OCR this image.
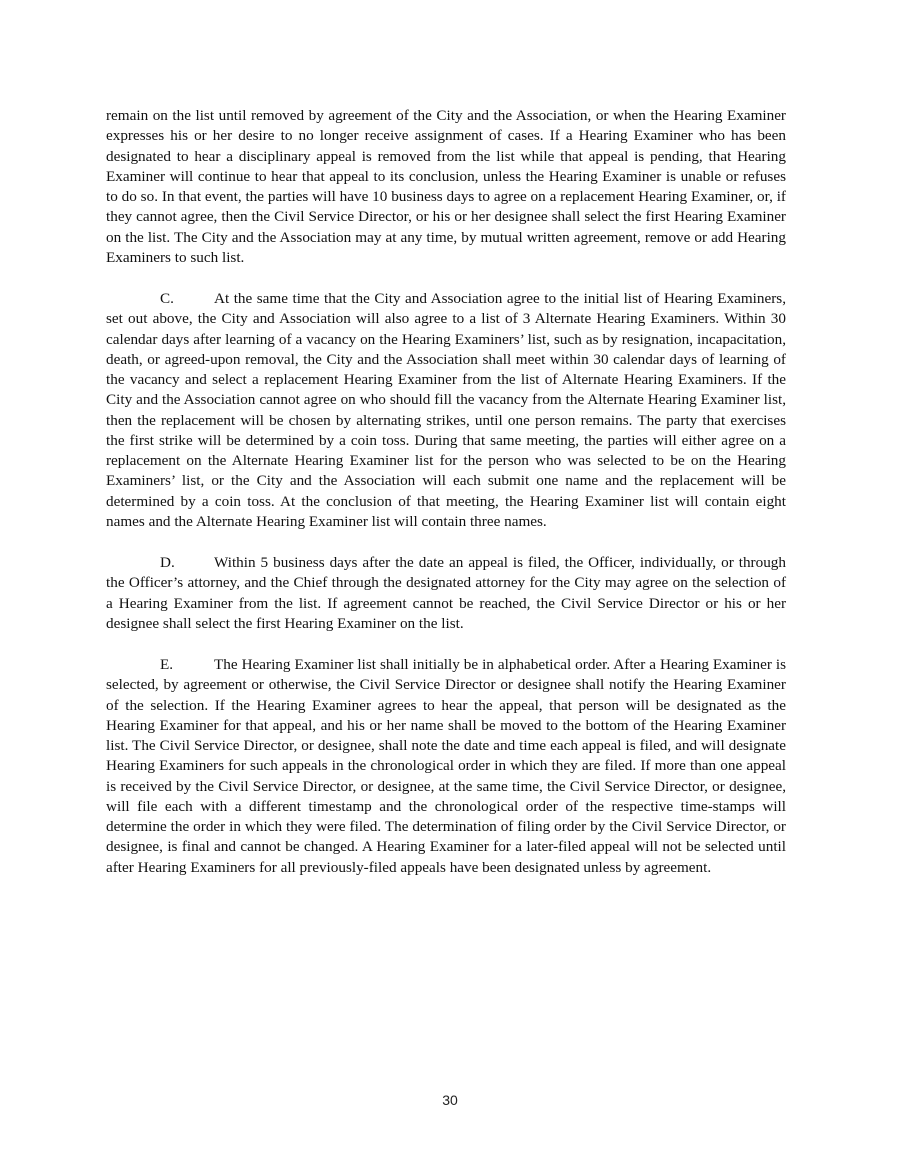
remain on the list until removed by agreement of the City and the Association, or when the Hearing Examiner expresses his or her desire to no longer receive assignment of cases. If a Hearing Examiner who has been designated to hear a disciplinary appeal is removed from the list while that appeal is pending, that Hearing Examiner will continue to hear that appeal to its conclusion, unless the Hearing Examiner is unable or refuses to do so. In that event, the parties will have 10 business days to agree on a replacement Hearing Examiner, or, if they cannot agree, then the Civil Service Director, or his or her designee shall select the first Hearing Examiner on the list. The City and the Association may at any time, by mutual written agreement, remove or add Hearing Examiners to such list.

C.	At the same time that the City and Association agree to the initial list of Hearing Examiners, set out above, the City and Association will also agree to a list of 3 Alternate Hearing Examiners. Within 30 calendar days after learning of a vacancy on the Hearing Examiners’ list, such as by resignation, incapacitation, death, or agreed-upon removal, the City and the Association shall meet within 30 calendar days of learning of the vacancy and select a replacement Hearing Examiner from the list of Alternate Hearing Examiners. If the City and the Association cannot agree on who should fill the vacancy from the Alternate Hearing Examiner list, then the replacement will be chosen by alternating strikes, until one person remains. The party that exercises the first strike will be determined by a coin toss. During that same meeting, the parties will either agree on a replacement on the Alternate Hearing Examiner list for the person who was selected to be on the Hearing Examiners’ list, or the City and the Association will each submit one name and the replacement will be determined by a coin toss. At the conclusion of that meeting, the Hearing Examiner list will contain eight names and the Alternate Hearing Examiner list will contain three names.

D.	Within 5 business days after the date an appeal is filed, the Officer, individually, or through the Officer’s attorney, and the Chief through the designated attorney for the City may agree on the selection of a Hearing Examiner from the list. If agreement cannot be reached, the Civil Service Director or his or her designee shall select the first Hearing Examiner on the list.

E.	The Hearing Examiner list shall initially be in alphabetical order. After a Hearing Examiner is selected, by agreement or otherwise, the Civil Service Director or designee shall notify the Hearing Examiner of the selection. If the Hearing Examiner agrees to hear the appeal, that person will be designated as the Hearing Examiner for that appeal, and his or her name shall be moved to the bottom of the Hearing Examiner list. The Civil Service Director, or designee, shall note the date and time each appeal is filed, and will designate Hearing Examiners for such appeals in the chronological order in which they are filed. If more than one appeal is received by the Civil Service Director, or designee, at the same time, the Civil Service Director, or designee, will file each with a different timestamp and the chronological order of the respective time-stamps will determine the order in which they were filed. The determination of filing order by the Civil Service Director, or designee, is final and cannot be changed. A Hearing Examiner for a later-filed appeal will not be selected until after Hearing Examiners for all previously-filed appeals have been designated unless by agreement.

30
